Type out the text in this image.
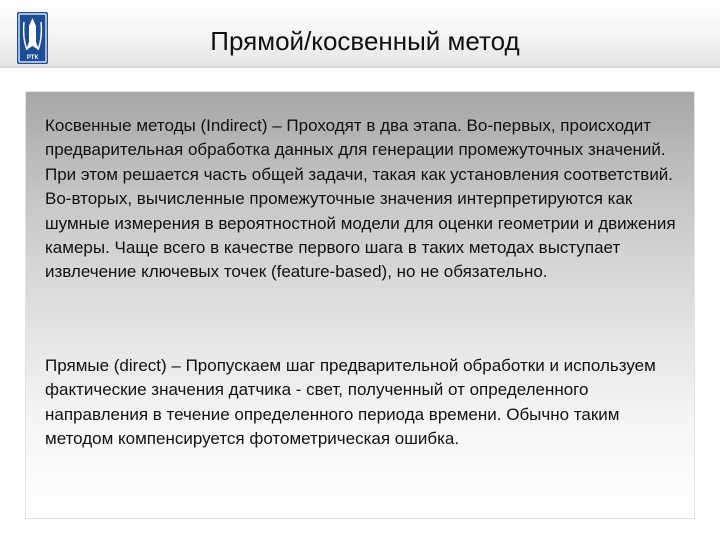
РТК
Прямой/косвенный метод

Косвенные методы (Indirect) – Проходят в два этапа. Во-первых, происходит предварительная обработка данных для генерации промежуточных значений. При этом решается часть общей задачи, такая как установления соответствий. Во-вторых, вычисленные промежуточные значения интерпретируются как шумные измерения в вероятностной модели для оценки геометрии и движения камеры. Чаще всего в качестве первого шага в таких методах выступает извлечение ключевых точек (feature-based), но не обязательно.

Прямые (direct) – Пропускаем шаг предварительной обработки и используем фактические значения датчика - свет, полученный от определенного направления в течение определенного периода времени. Обычно таким методом компенсируется фотометрическая ошибка.
